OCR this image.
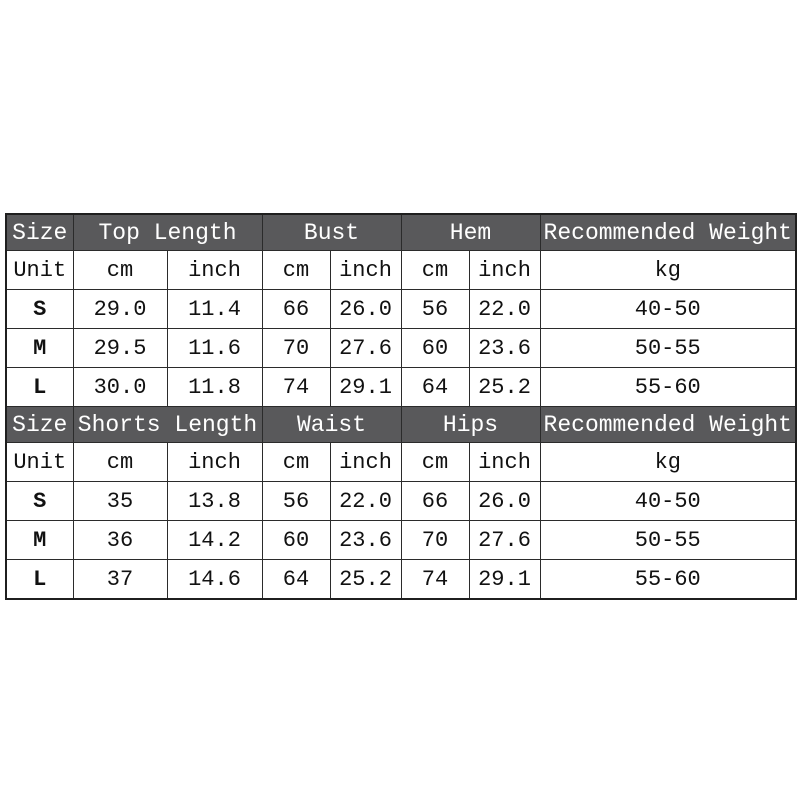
Size	Top Length		Bust		Hem		Recommended Weight
Unit	cm	inch	cm	inch	cm	inch	kg
S	29.0	11.4	66	26.0	56	22.0	40-50
M	29.5	11.6	70	27.6	60	23.6	50-55
L	30.0	11.8	74	29.1	64	25.2	55-60
Size	Shorts Length		Waist		Hips		Recommended Weight
Unit	cm	inch	cm	inch	cm	inch	kg
S	35	13.8	56	22.0	66	26.0	40-50
M	36	14.2	60	23.6	70	27.6	50-55
L	37	14.6	64	25.2	74	29.1	55-60
